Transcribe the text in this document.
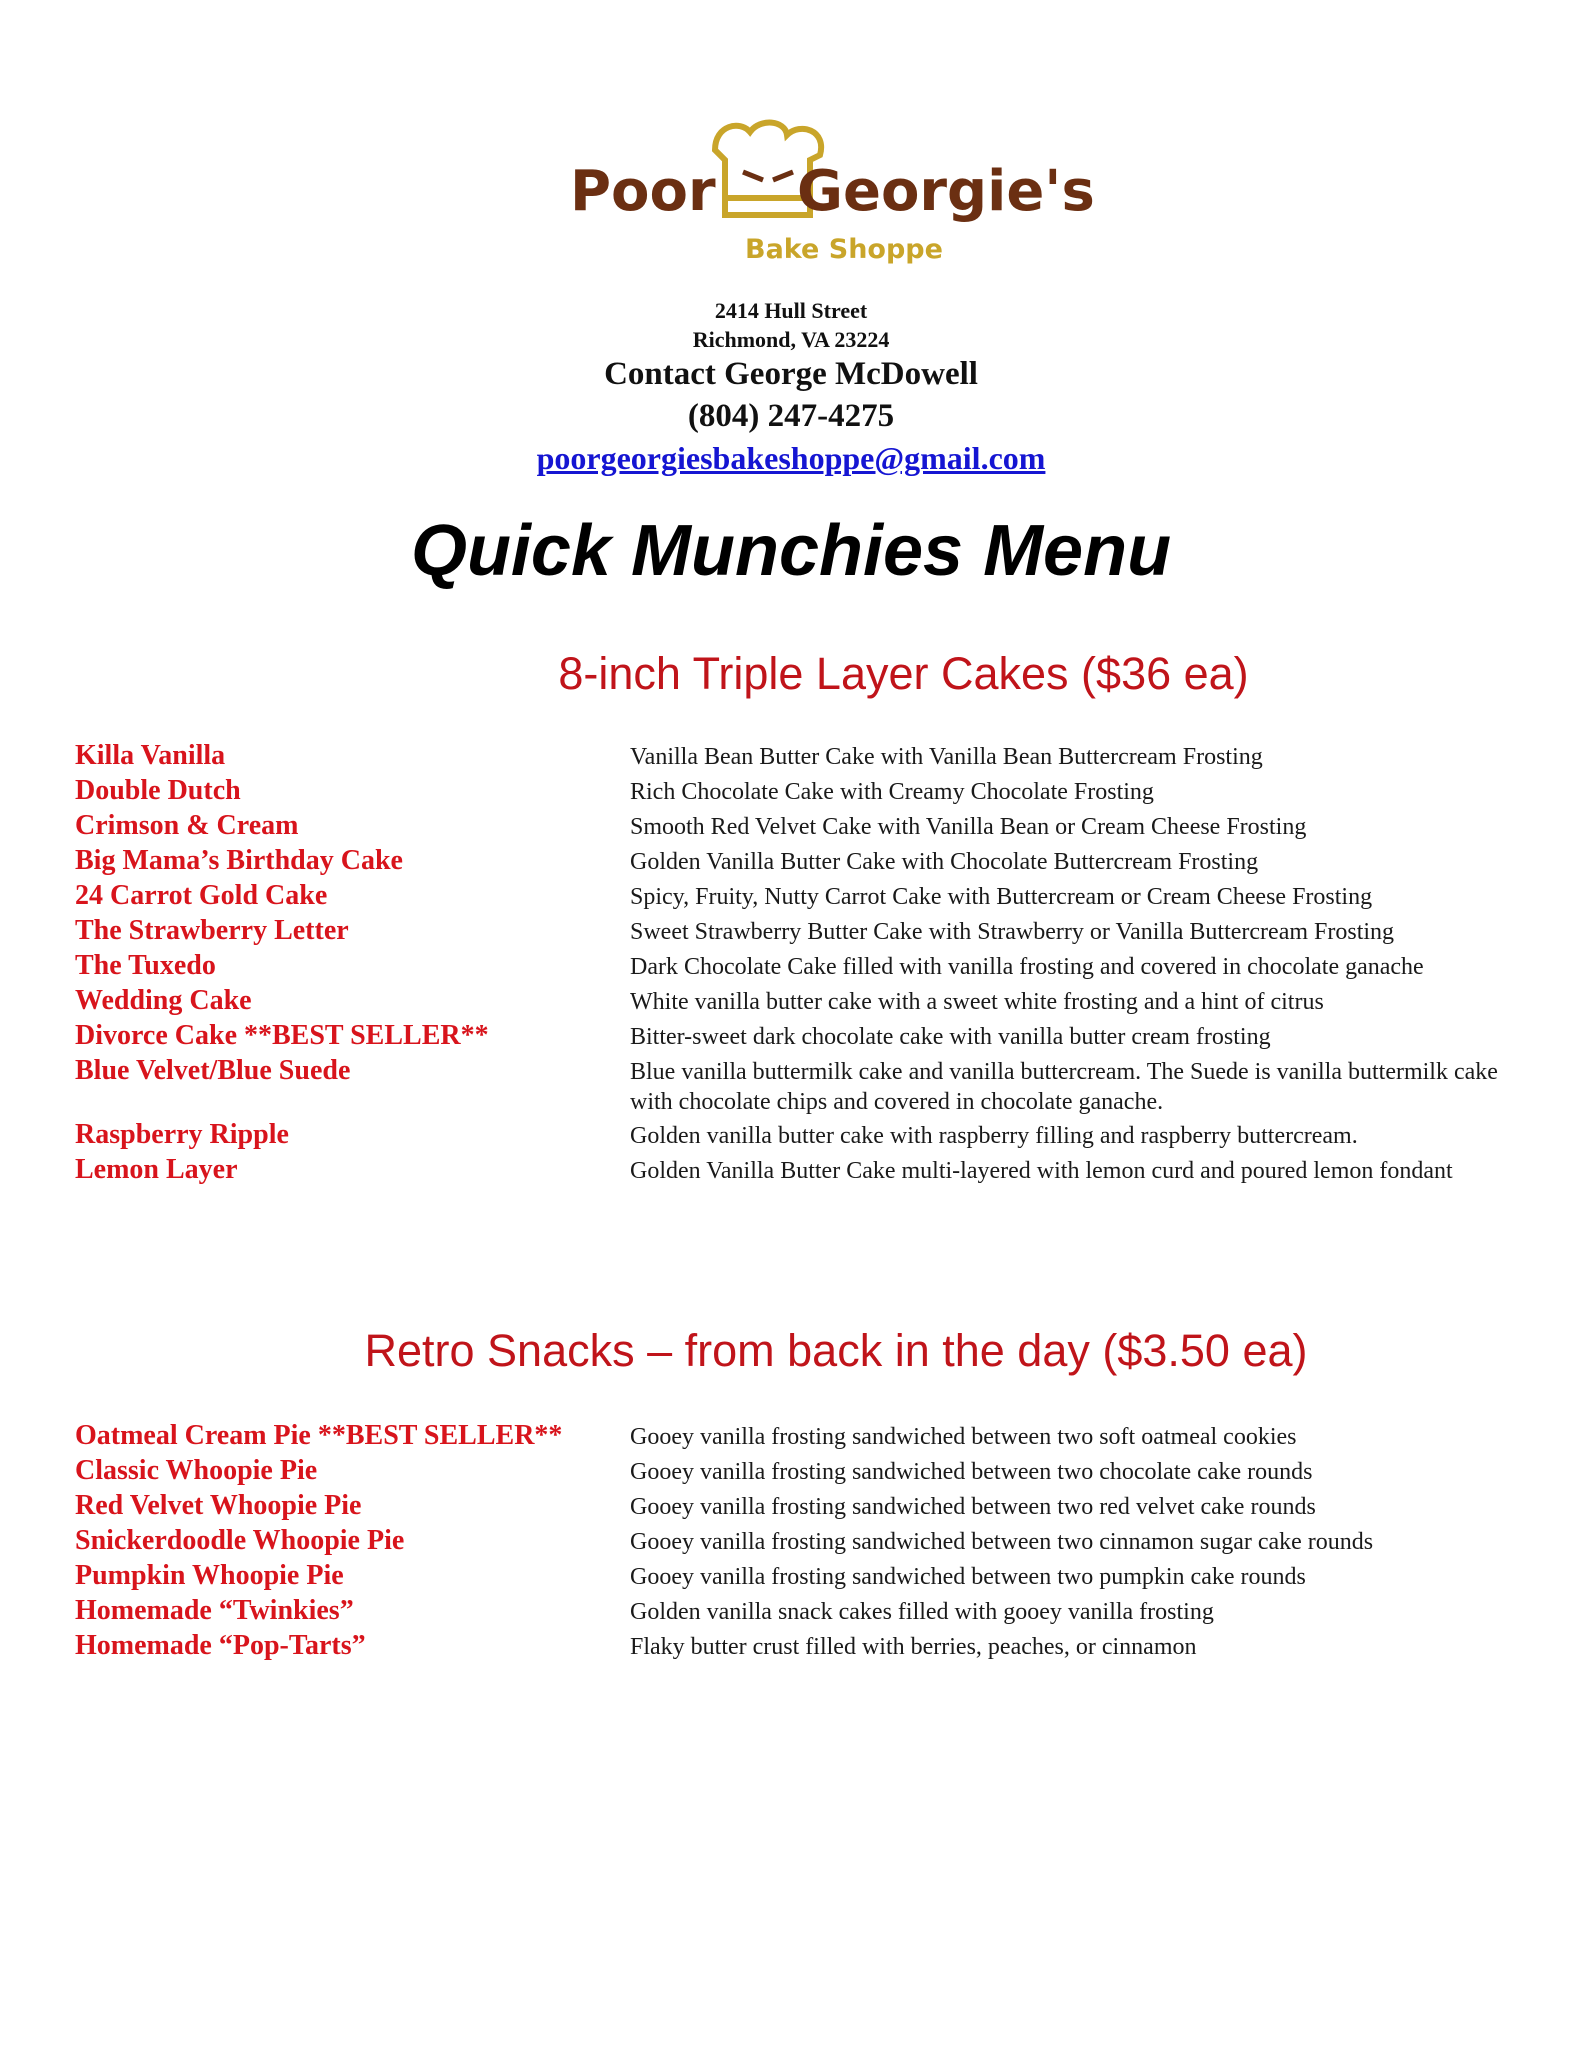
Poor Georgie's
Bake Shoppe
2414 Hull Street
Richmond, VA 23224
Contact George McDowell
(804) 247-4275
poorgeorgiesbakeshoppe@gmail.com
Quick Munchies Menu
8-inch Triple Layer Cakes ($36 ea)
Killa Vanilla	Vanilla Bean Butter Cake with Vanilla Bean Buttercream Frosting
Double Dutch	Rich Chocolate Cake with Creamy Chocolate Frosting
Crimson & Cream	Smooth Red Velvet Cake with Vanilla Bean or Cream Cheese Frosting
Big Mama’s Birthday Cake	Golden Vanilla Butter Cake with Chocolate Buttercream Frosting
24 Carrot Gold Cake	Spicy, Fruity, Nutty Carrot Cake with Buttercream or Cream Cheese Frosting
The Strawberry Letter	Sweet Strawberry Butter Cake with Strawberry or Vanilla Buttercream Frosting
The Tuxedo	Dark Chocolate Cake filled with vanilla frosting and covered in chocolate ganache
Wedding Cake	White vanilla butter cake with a sweet white frosting and a hint of citrus
Divorce Cake **BEST SELLER**	Bitter-sweet dark chocolate cake with vanilla butter cream frosting
Blue Velvet/Blue Suede	Blue vanilla buttermilk cake and vanilla buttercream. The Suede is vanilla buttermilk cake with chocolate chips and covered in chocolate ganache.
Raspberry Ripple	Golden vanilla butter cake with raspberry filling and raspberry buttercream.
Lemon Layer	Golden Vanilla Butter Cake multi-layered with lemon curd and poured lemon fondant
Retro Snacks – from back in the day ($3.50 ea)
Oatmeal Cream Pie **BEST SELLER**	Gooey vanilla frosting sandwiched between two soft oatmeal cookies
Classic Whoopie Pie	Gooey vanilla frosting sandwiched between two chocolate cake rounds
Red Velvet Whoopie Pie	Gooey vanilla frosting sandwiched between two red velvet cake rounds
Snickerdoodle Whoopie Pie	Gooey vanilla frosting sandwiched between two cinnamon sugar cake rounds
Pumpkin Whoopie Pie	Gooey vanilla frosting sandwiched between two pumpkin cake rounds
Homemade “Twinkies”	Golden vanilla snack cakes filled with gooey vanilla frosting
Homemade “Pop-Tarts”	Flaky butter crust filled with berries, peaches, or cinnamon
